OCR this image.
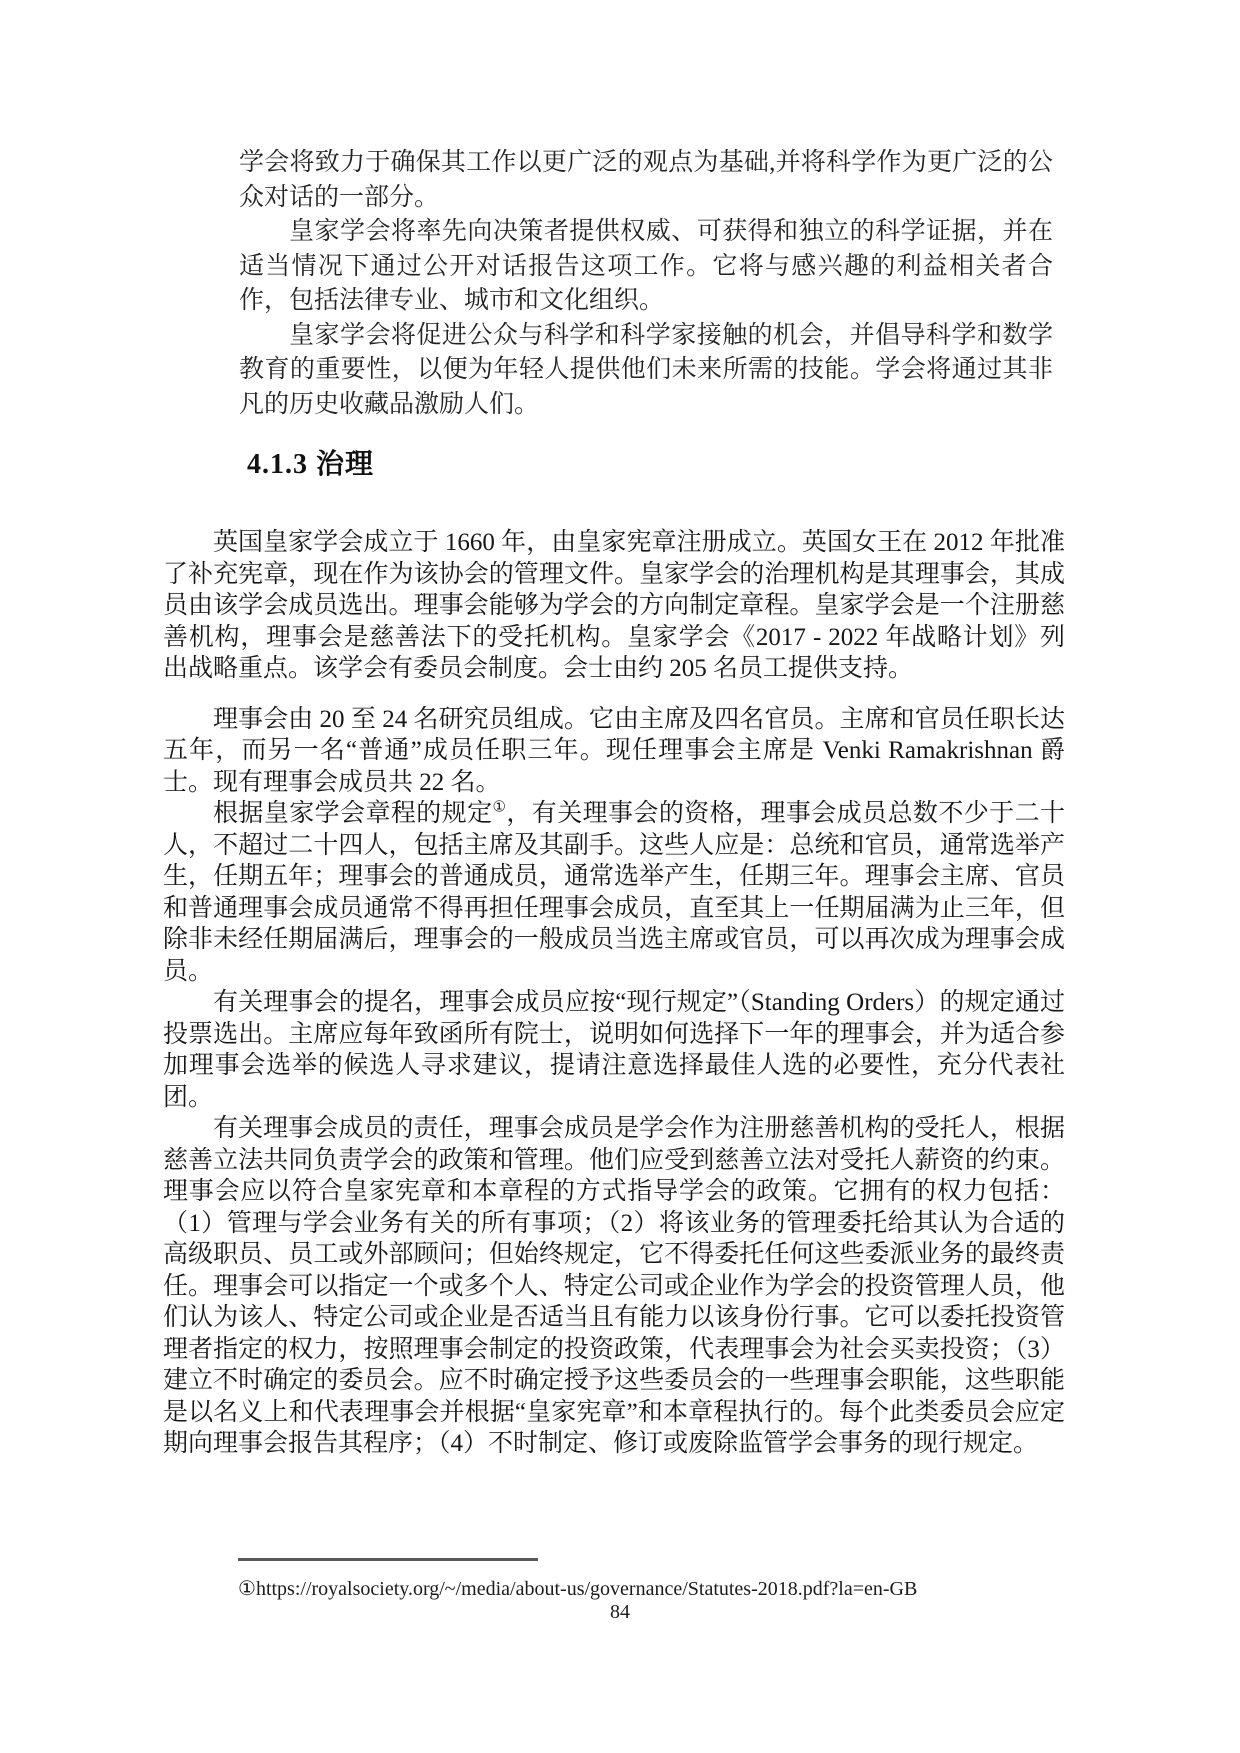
学会将致力于确保其工作以更广泛的观点为基础,并将科学作为更广泛的公众对话的一部分。

皇家学会将率先向决策者提供权威、可获得和独立的科学证据，并在适当情况下通过公开对话报告这项工作。它将与感兴趣的利益相关者合作，包括法律专业、城市和文化组织。

皇家学会将促进公众与科学和科学家接触的机会，并倡导科学和数学教育的重要性，以便为年轻人提供他们未来所需的技能。学会将通过其非凡的历史收藏品激励人们。

4.1.3 治理

英国皇家学会成立于 1660 年，由皇家宪章注册成立。英国女王在 2012 年批准了补充宪章，现在作为该协会的管理文件。皇家学会的治理机构是其理事会，其成员由该学会成员选出。理事会能够为学会的方向制定章程。皇家学会是一个注册慈善机构，理事会是慈善法下的受托机构。皇家学会《2017 - 2022 年战略计划》列出战略重点。该学会有委员会制度。会士由约 205 名员工提供支持。

理事会由 20 至 24 名研究员组成。它由主席及四名官员。主席和官员任职长达五年，而另一名“普通”成员任职三年。现任理事会主席是 Venki Ramakrishnan 爵士。现有理事会成员共 22 名。

根据皇家学会章程的规定①，有关理事会的资格，理事会成员总数不少于二十人，不超过二十四人，包括主席及其副手。这些人应是：总统和官员，通常选举产生，任期五年；理事会的普通成员，通常选举产生，任期三年。理事会主席、官员和普通理事会成员通常不得再担任理事会成员，直至其上一任期届满为止三年，但除非未经任期届满后，理事会的一般成员当选主席或官员，可以再次成为理事会成员。

有关理事会的提名，理事会成员应按“现行规定”（Standing Orders）的规定通过投票选出。主席应每年致函所有院士，说明如何选择下一年的理事会，并为适合参加理事会选举的候选人寻求建议，提请注意选择最佳人选的必要性，充分代表社团。

有关理事会成员的责任，理事会成员是学会作为注册慈善机构的受托人，根据慈善立法共同负责学会的政策和管理。他们应受到慈善立法对受托人薪资的约束。理事会应以符合皇家宪章和本章程的方式指导学会的政策。它拥有的权力包括：（1）管理与学会业务有关的所有事项；（2）将该业务的管理委托给其认为合适的高级职员、员工或外部顾问；但始终规定，它不得委托任何这些委派业务的最终责任。理事会可以指定一个或多个人、特定公司或企业作为学会的投资管理人员，他们认为该人、特定公司或企业是否适当且有能力以该身份行事。它可以委托投资管理者指定的权力，按照理事会制定的投资政策，代表理事会为社会买卖投资；（3）建立不时确定的委员会。应不时确定授予这些委员会的一些理事会职能，这些职能是以名义上和代表理事会并根据“皇家宪章”和本章程执行的。每个此类委员会应定期向理事会报告其程序；（4）不时制定、修订或废除监管学会事务的现行规定。

①https://royalsociety.org/~/media/about-us/governance/Statutes-2018.pdf?la=en-GB
84
